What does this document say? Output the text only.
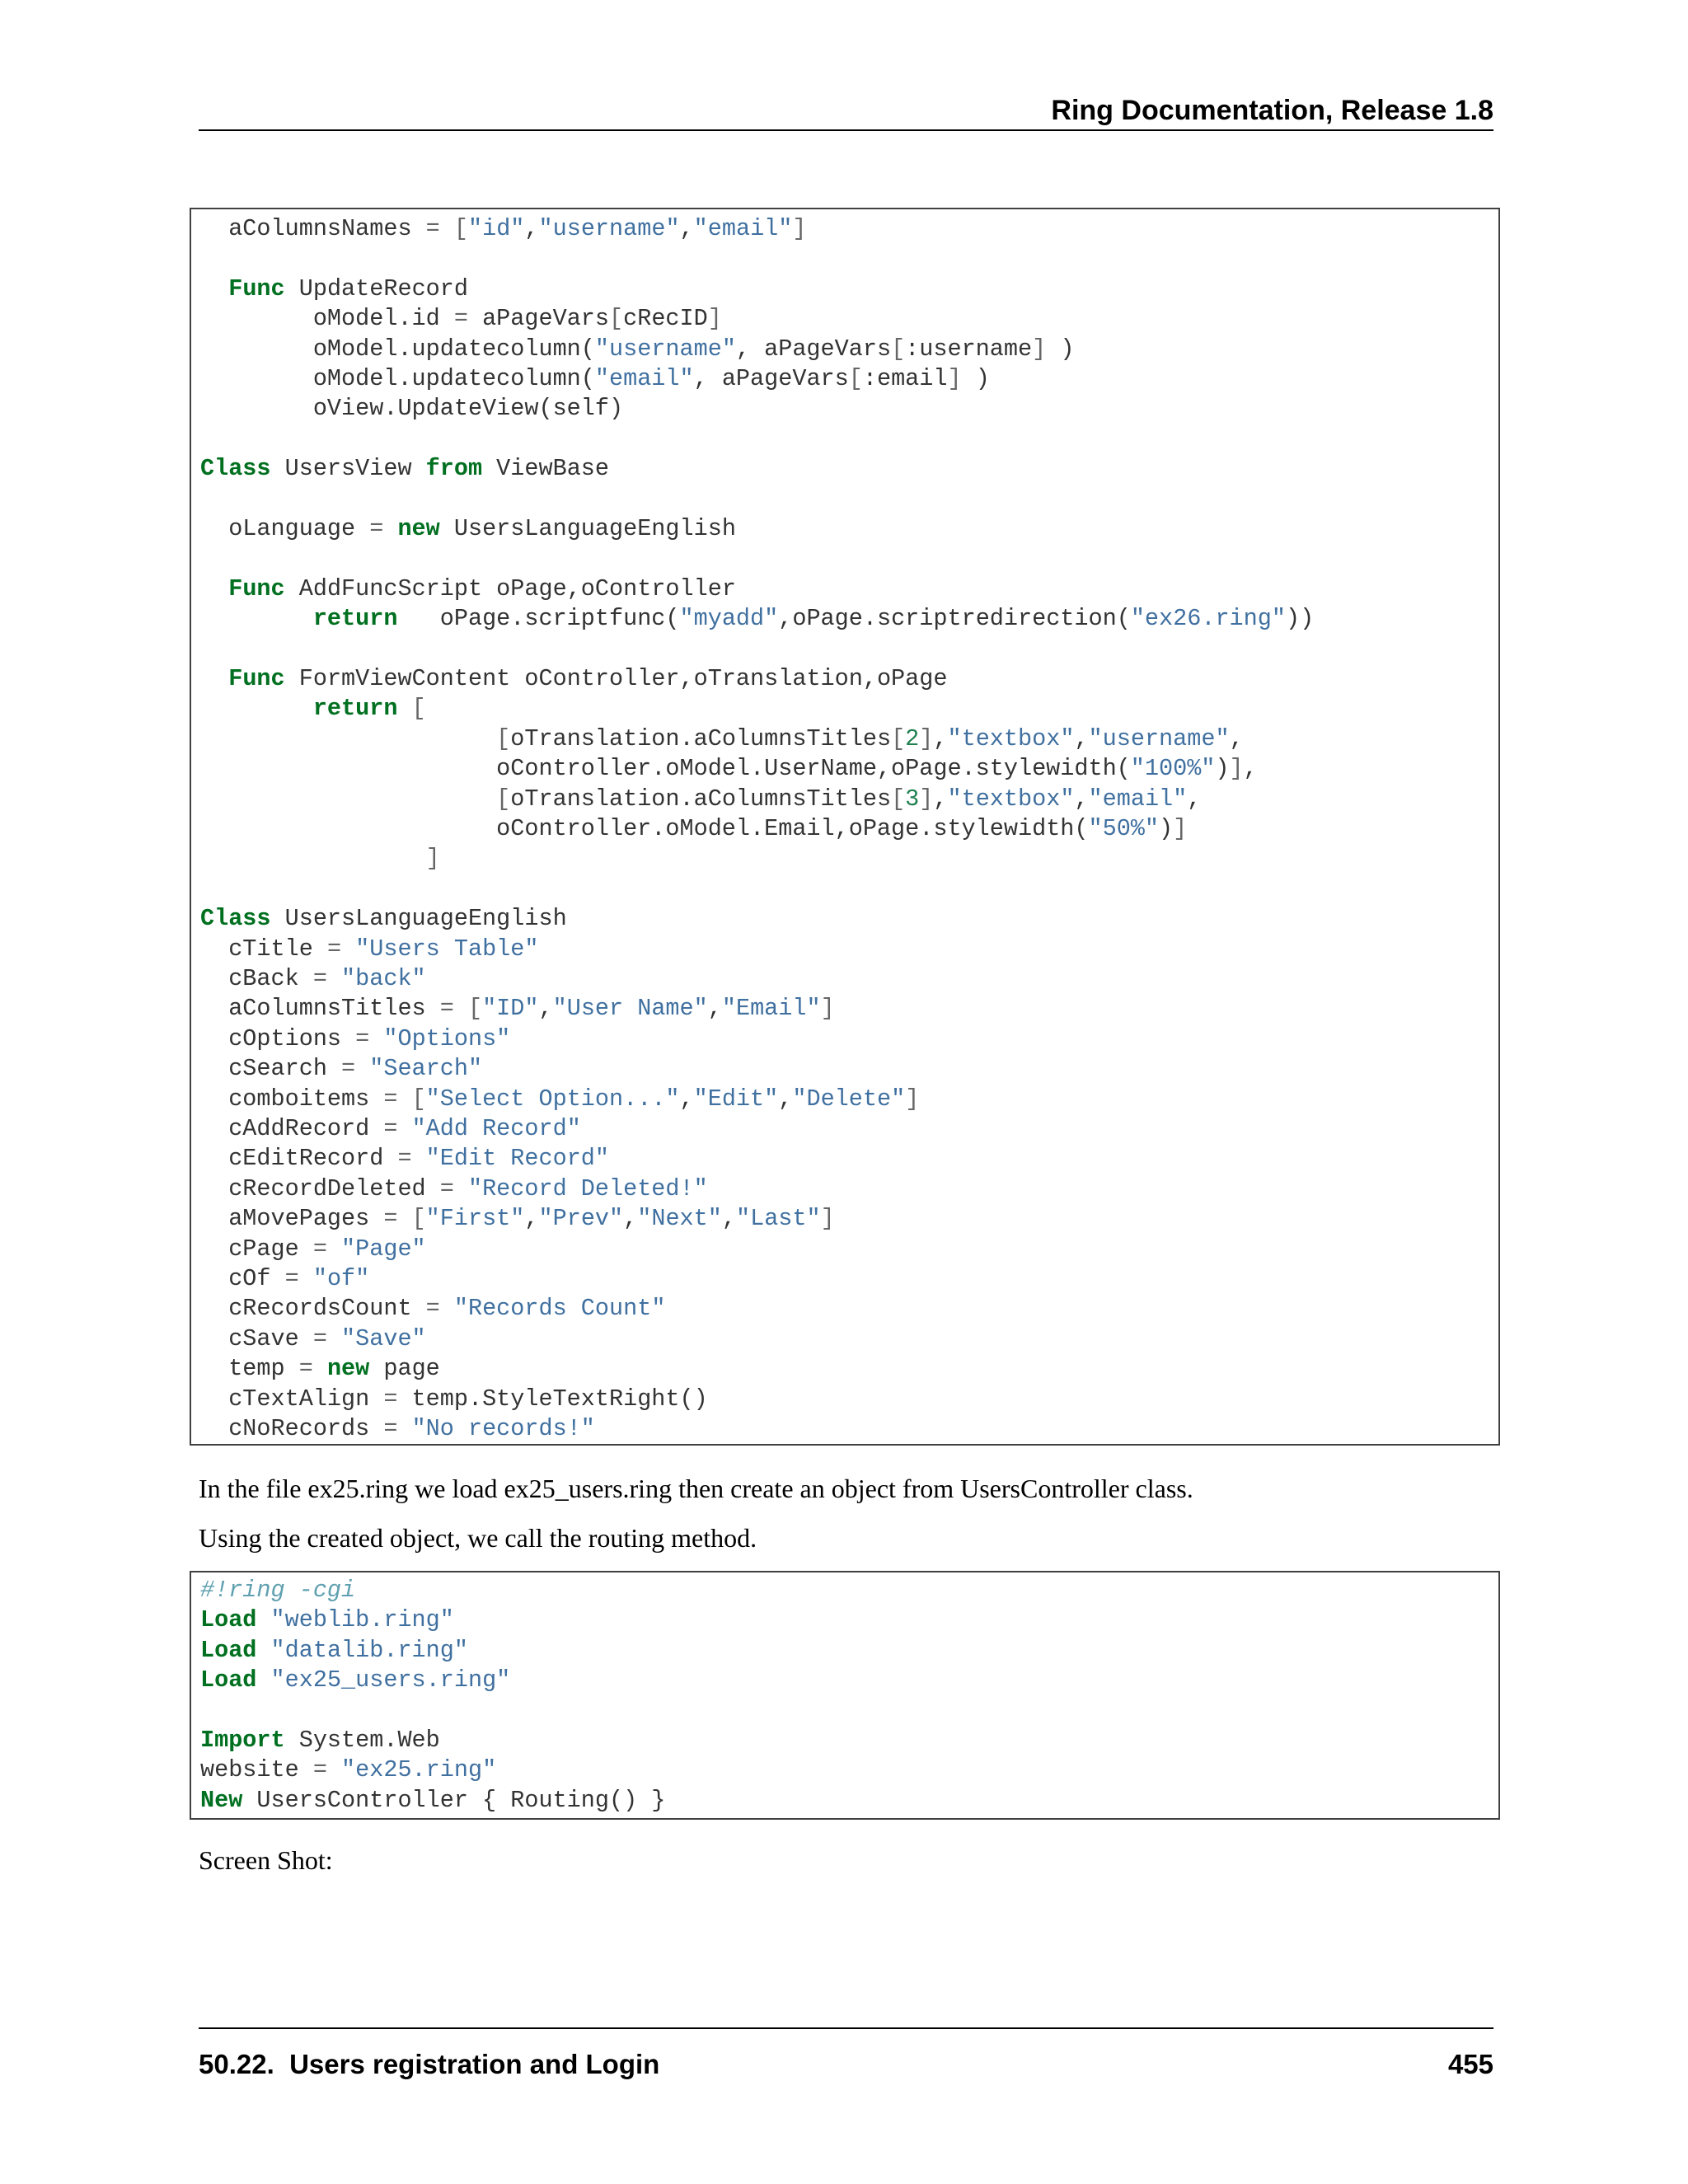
Ring Documentation, Release 1.8
aColumnsNames = ["id","username","email"]
Func UpdateRecord
oModel.id = aPageVars[cRecID]
oModel.updatecolumn("username", aPageVars[:username] )
oModel.updatecolumn("email", aPageVars[:email] )
oView.UpdateView(self)
Class UsersView from ViewBase
oLanguage = new UsersLanguageEnglish
Func AddFuncScript oPage,oController
return   oPage.scriptfunc("myadd",oPage.scriptredirection("ex26.ring"))
Func FormViewContent oController,oTranslation,oPage
return [
[oTranslation.aColumnsTitles[2],"textbox","username",
oController.oModel.UserName,oPage.stylewidth("100%")],
[oTranslation.aColumnsTitles[3],"textbox","email",
oController.oModel.Email,oPage.stylewidth("50%")]
]
Class UsersLanguageEnglish
cTitle = "Users Table"
cBack = "back"
aColumnsTitles = ["ID","User Name","Email"]
cOptions = "Options"
cSearch = "Search"
comboitems = ["Select Option...","Edit","Delete"]
cAddRecord = "Add Record"
cEditRecord = "Edit Record"
cRecordDeleted = "Record Deleted!"
aMovePages = ["First","Prev","Next","Last"]
cPage = "Page"
cOf = "of"
cRecordsCount = "Records Count"
cSave = "Save"
temp = new page
cTextAlign = temp.StyleTextRight()
cNoRecords = "No records!"
In the file ex25.ring we load ex25_users.ring then create an object from UsersController class.
Using the created object, we call the routing method.
#!ring -cgi
Load "weblib.ring"
Load "datalib.ring"
Load "ex25_users.ring"
Import System.Web
website = "ex25.ring"
New UsersController { Routing() }
Screen Shot:
50.22.  Users registration and Login	455
